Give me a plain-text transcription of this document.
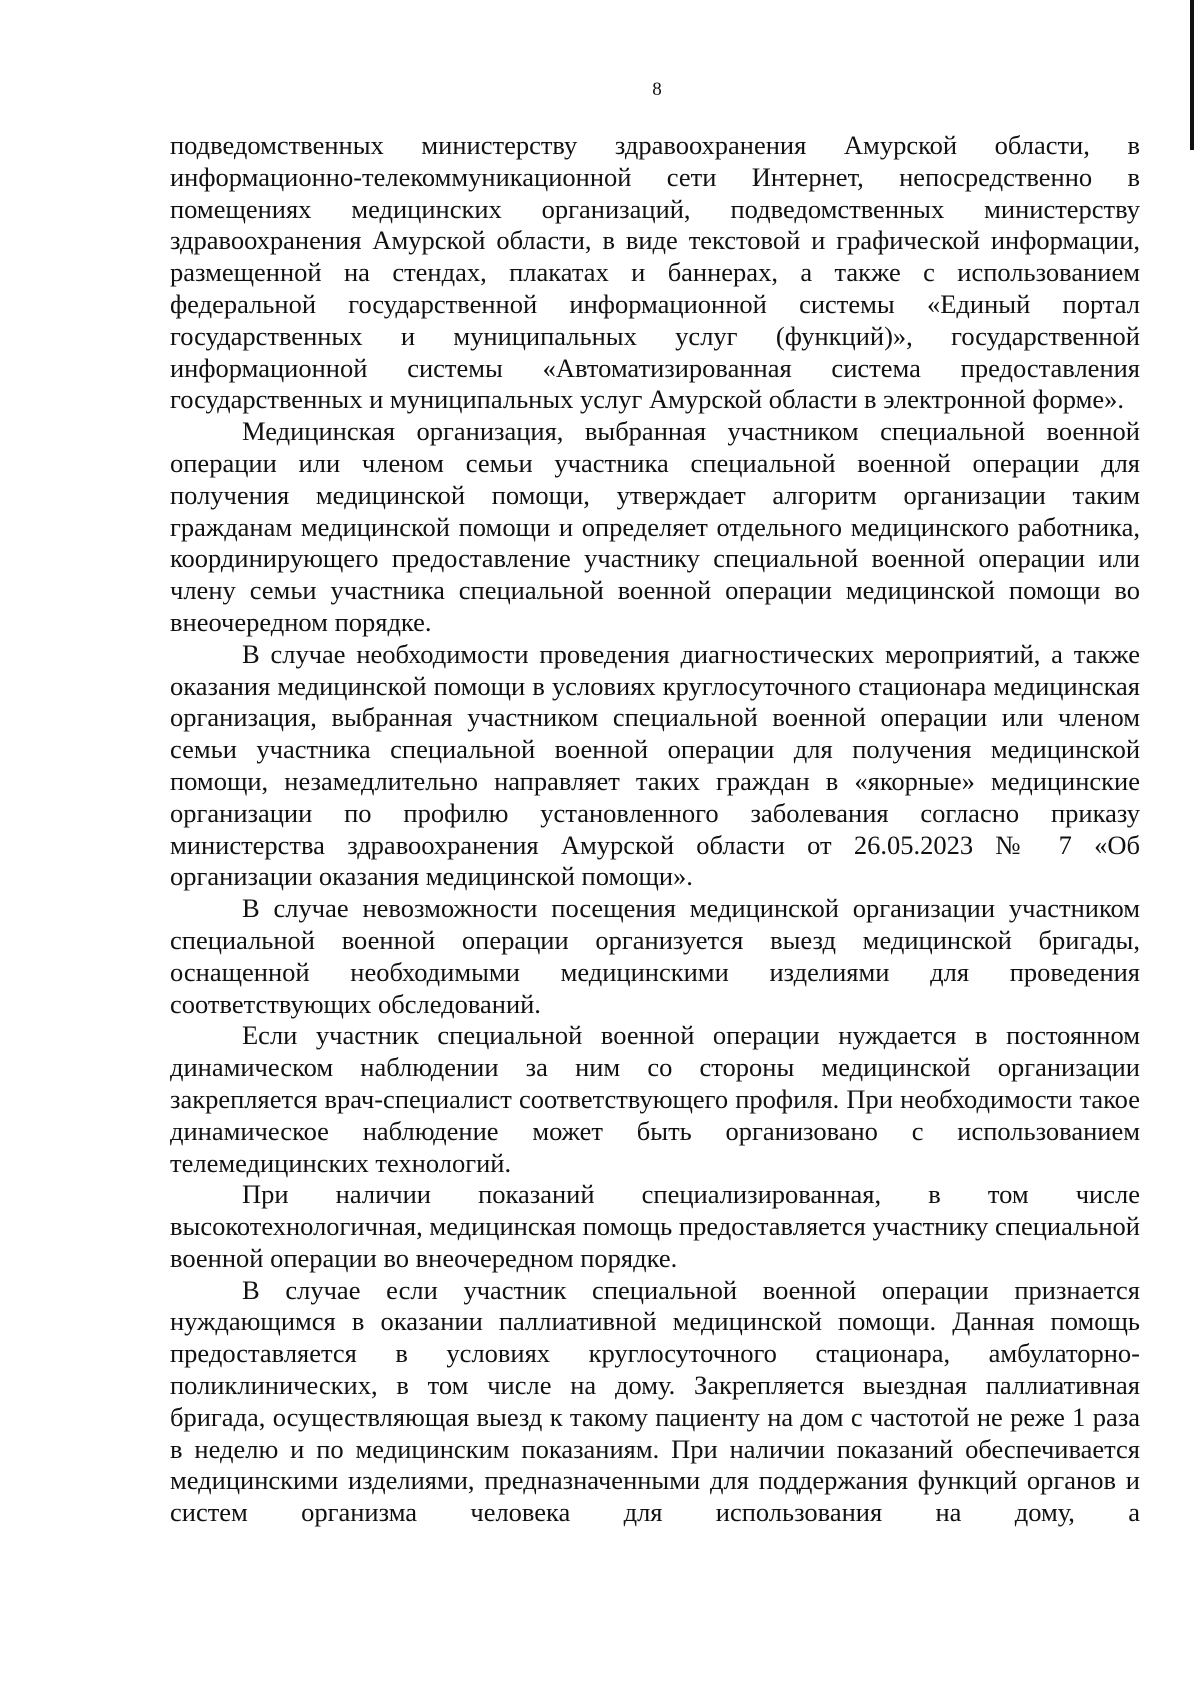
8

подведомственных министерству здравоохранения Амурской области, в информационно-телекоммуникационной сети Интернет, непосредственно в помещениях медицинских организаций, подведомственных министерству здравоохранения Амурской области, в виде текстовой и графической информации, размещенной на стендах, плакатах и баннерах, а также с использованием федеральной государственной информационной системы «Единый портал государственных и муниципальных услуг (функций)», государственной информационной системы «Автоматизированная система предоставления государственных и муниципальных услуг Амурской области в электронной форме».

Медицинская организация, выбранная участником специальной военной операции или членом семьи участника специальной военной операции для получения медицинской помощи, утверждает алгоритм организации таким гражданам медицинской помощи и определяет отдельного медицинского работника, координирующего предоставление участнику специальной военной операции или члену семьи участника специальной военной операции медицинской помощи во внеочередном порядке.

В случае необходимости проведения диагностических мероприятий, а также оказания медицинской помощи в условиях круглосуточного стационара медицинская организация, выбранная участником специальной военной операции или членом семьи участника специальной военной операции для получения медицинской помощи, незамедлительно направляет таких граждан в «якорные» медицинские организации по профилю установленного заболевания согласно приказу министерства здравоохранения Амурской области от 26.05.2023 № 7 «Об организации оказания медицинской помощи».

В случае невозможности посещения медицинской организации участником специальной военной операции организуется выезд медицинской бригады, оснащенной необходимыми медицинскими изделиями для проведения соответствующих обследований.

Если участник специальной военной операции нуждается в постоянном динамическом наблюдении за ним со стороны медицинской организации закрепляется врач-специалист соответствующего профиля. При необходимости такое динамическое наблюдение может быть организовано с использованием телемедицинских технологий.

При наличии показаний специализированная, в том числе высокотехнологичная, медицинская помощь предоставляется участнику специальной военной операции во внеочередном порядке.

В случае если участник специальной военной операции признается нуждающимся в оказании паллиативной медицинской помощи. Данная помощь предоставляется в условиях круглосуточного стационара, амбулаторно-поликлинических, в том числе на дому. Закрепляется выездная паллиативная бригада, осуществляющая выезд к такому пациенту на дом с частотой не реже 1 раза в неделю и по медицинским показаниям. При наличии показаний обеспечивается медицинскими изделиями, предназначенными для поддержания функций органов и систем организма человека для использования на дому, а
